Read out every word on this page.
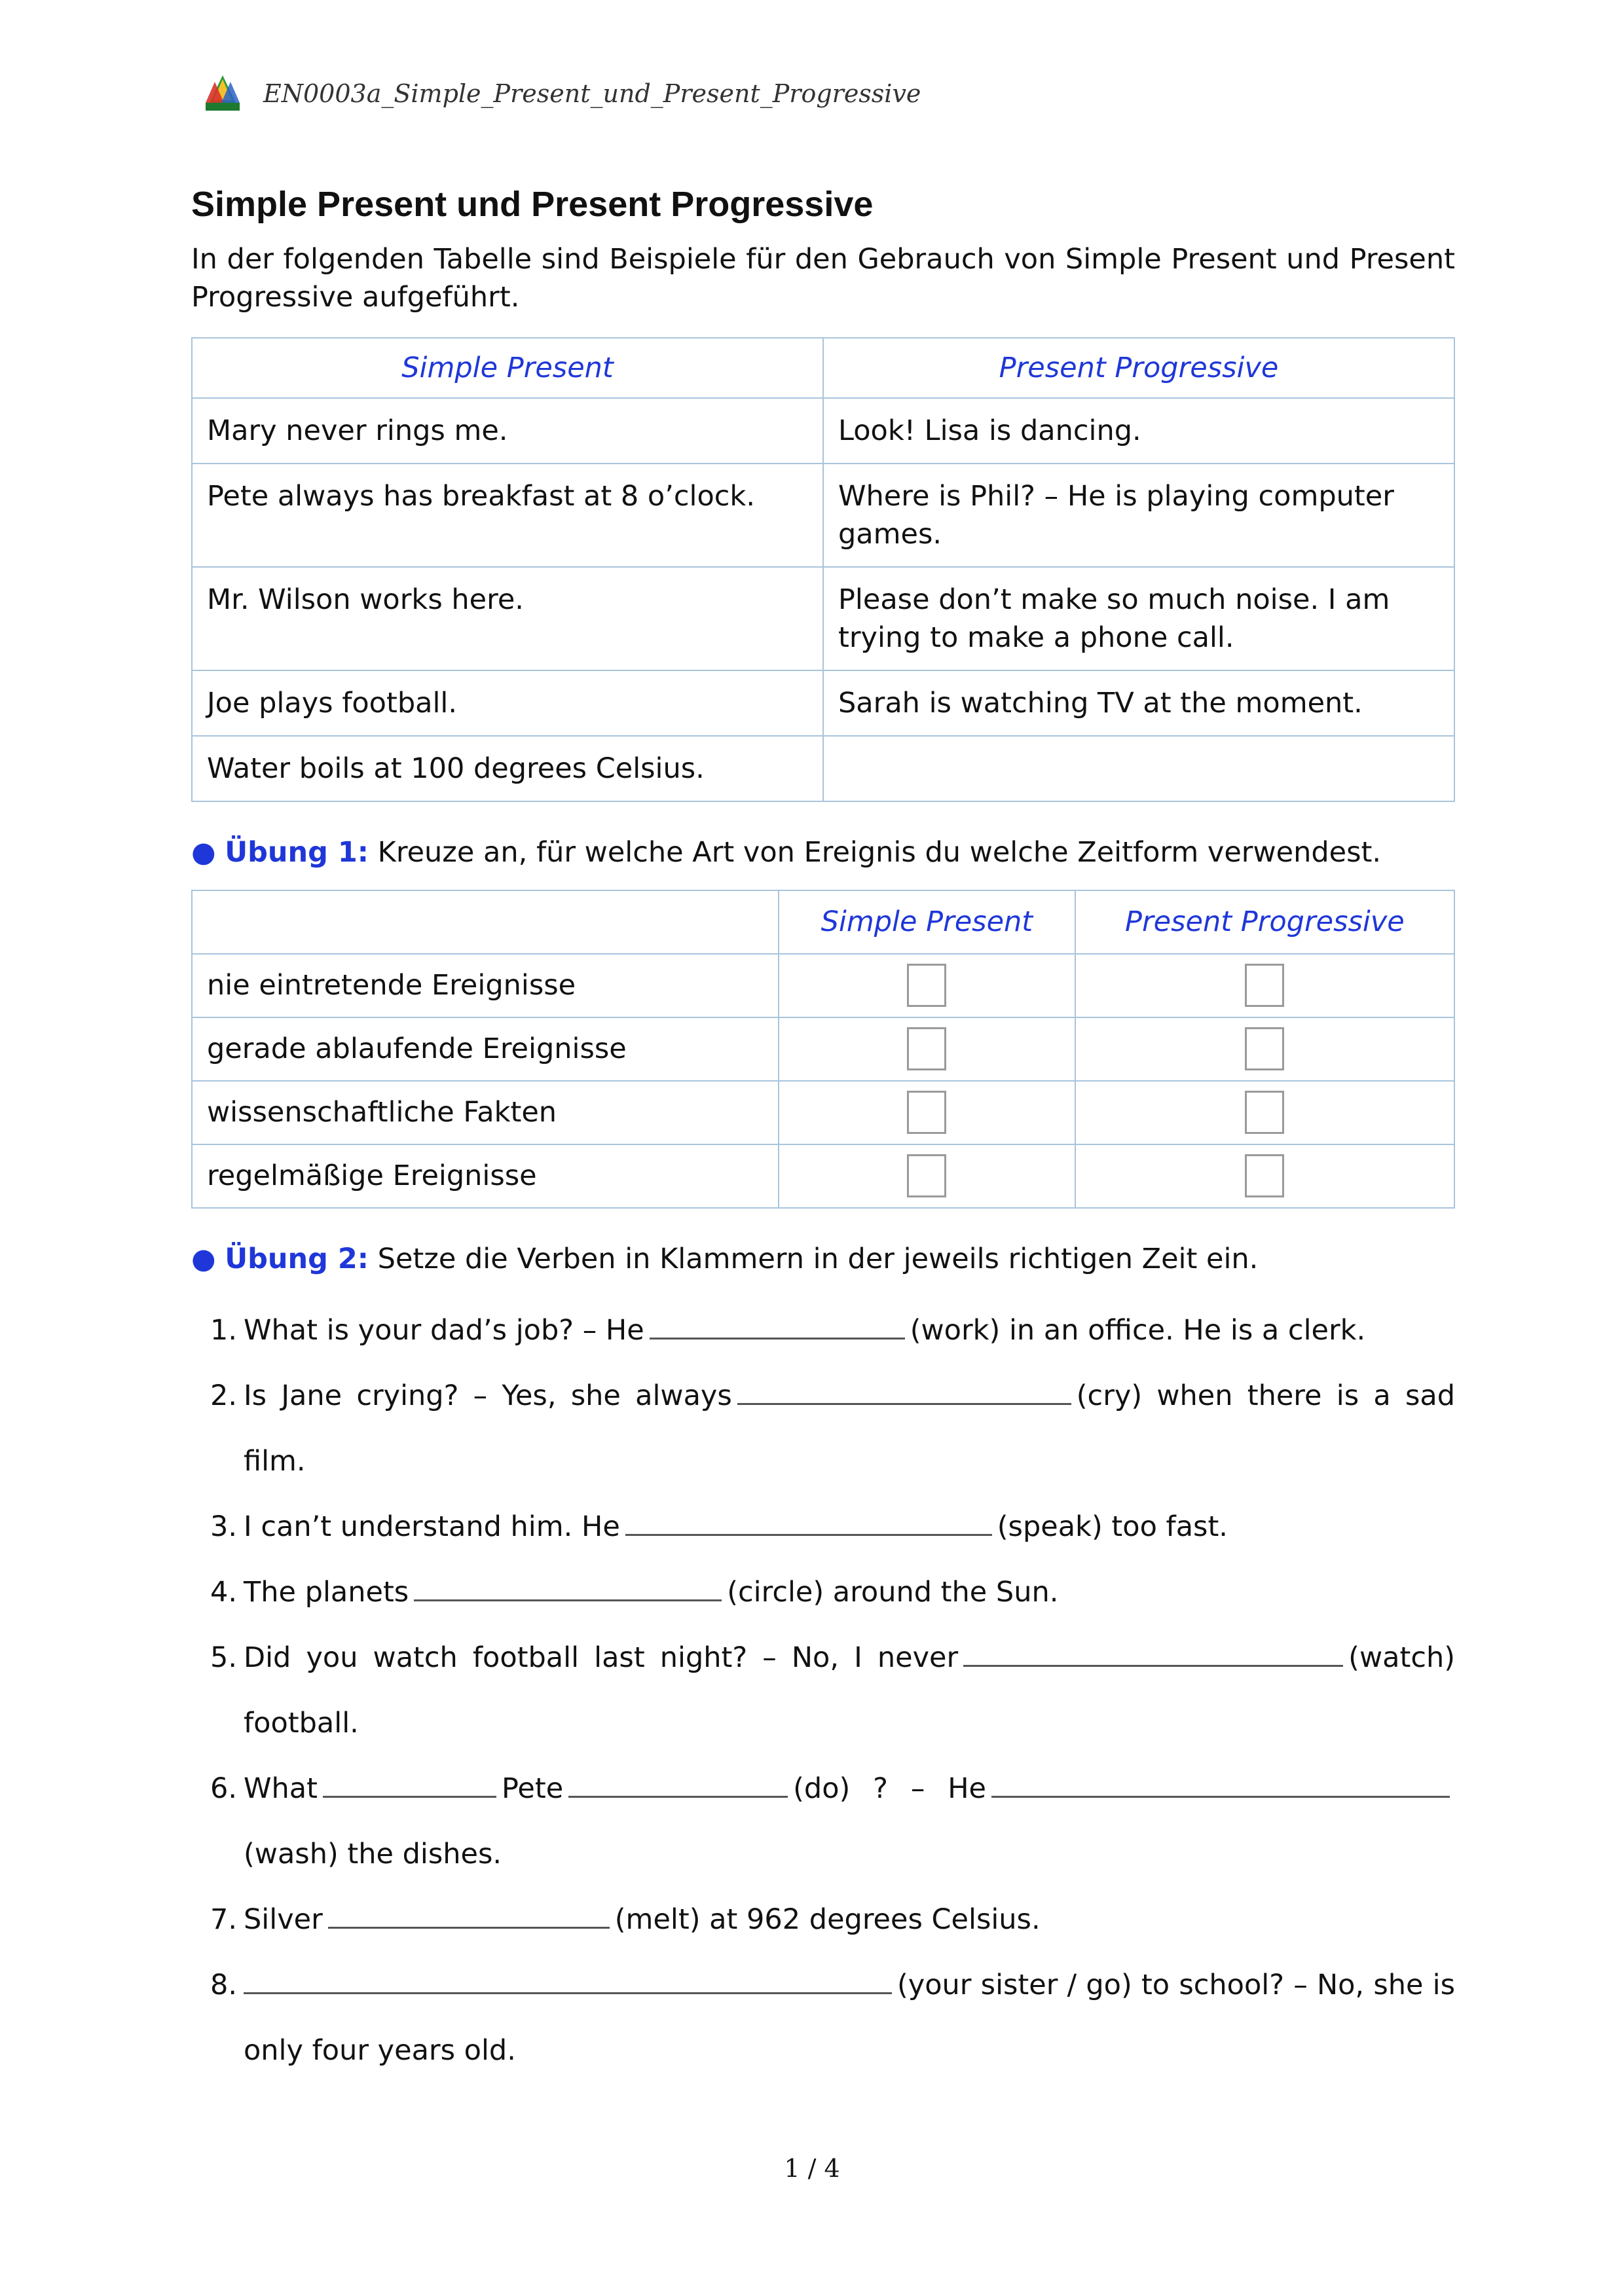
EN0003a_Simple_Present_und_Present_Progressive
Simple Present und Present Progressive

In der folgenden Tabelle sind Beispiele für den Gebrauch von Simple Present und Present Progressive aufgeführt.

Simple Present	Present Progressive
Mary never rings me.	Look! Lisa is dancing.
Pete always has breakfast at 8 o’clock.	Where is Phil? – He is playing computer games.
Mr. Wilson works here.	Please don’t make so much noise. I am trying to make a phone call.
Joe plays football.	Sarah is watching TV at the moment.
Water boils at 100 degrees Celsius.	
● Übung 1: Kreuze an, für welche Art von Ereignis du welche Zeitform verwendest.
	Simple Present	Present Progressive
nie eintretende Ereignisse		
gerade ablaufende Ereignisse		
wissenschaftliche Fakten		
regelmäßige Ereignisse		
● Übung 2: Setze die Verben in Klammern in der jeweils richtigen Zeit ein.
1. What is your dad’s job? – He	(work) in an office. He is a clerk.
2. Is Jane crying? – Yes, she always	(cry) when there is a sad film.
3. I can’t understand him. He	(speak) too fast.
4. The planets	(circle) around the Sun.
5. Did you watch football last night? – No, I never	(watch) football.
6. What	Pete	(do) ? – He(wash) the dishes.
7. Silver	(melt) at 962 degrees Celsius.
8.	(your sister / go) to school? – No, she is only four years old.
1 / 4
